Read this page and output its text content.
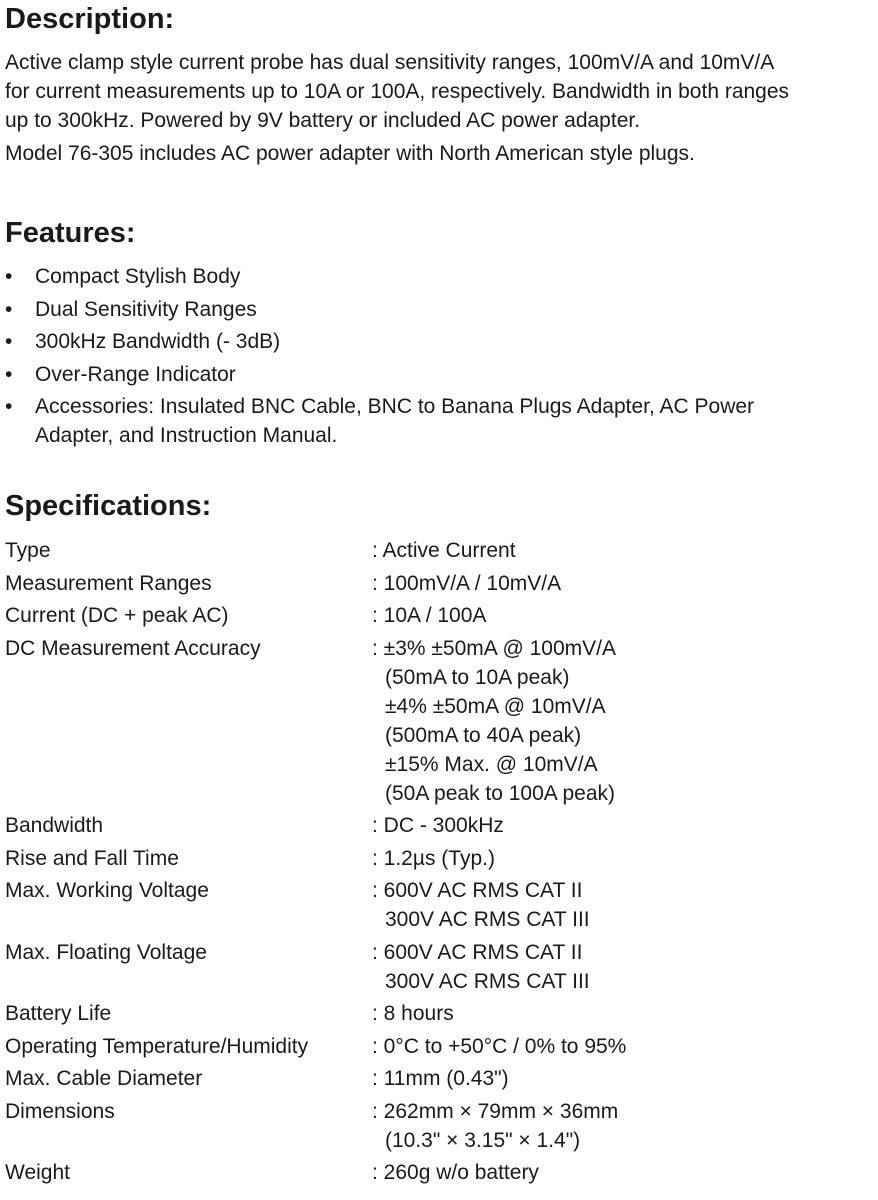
Description:
Active clamp style current probe has dual sensitivity ranges, 100mV/A and 10mV/A
for current measurements up to 10A or 100A, respectively. Bandwidth in both ranges
up to 300kHz. Powered by 9V battery or included AC power adapter.
Model 76-305 includes AC power adapter with North American style plugs.
Features:
• Compact Stylish Body
• Dual Sensitivity Ranges
• 300kHz Bandwidth (- 3dB)
• Over-Range Indicator
• Accessories: Insulated BNC Cable, BNC to Banana Plugs Adapter, AC Power
Adapter, and Instruction Manual.
Specifications:
Type	: Active Current
Measurement Ranges	: 100mV/A / 10mV/A
Current (DC + peak AC)	: 10A / 100A
DC Measurement Accuracy	: ±3% ±50mA @ 100mV/A
(50mA to 10A peak)
±4% ±50mA @ 10mV/A
(500mA to 40A peak)
±15% Max. @ 10mV/A
(50A peak to 100A peak)
Bandwidth	: DC - 300kHz
Rise and Fall Time	: 1.2µs (Typ.)
Max. Working Voltage	: 600V AC RMS CAT II
300V AC RMS CAT III
Max. Floating Voltage	: 600V AC RMS CAT II
300V AC RMS CAT III
Battery Life	: 8 hours
Operating Temperature/Humidity	: 0°C to +50°C / 0% to 95%
Max. Cable Diameter	: 11mm (0.43")
Dimensions	: 262mm × 79mm × 36mm
(10.3" × 3.15" × 1.4")
Weight	: 260g w/o battery
